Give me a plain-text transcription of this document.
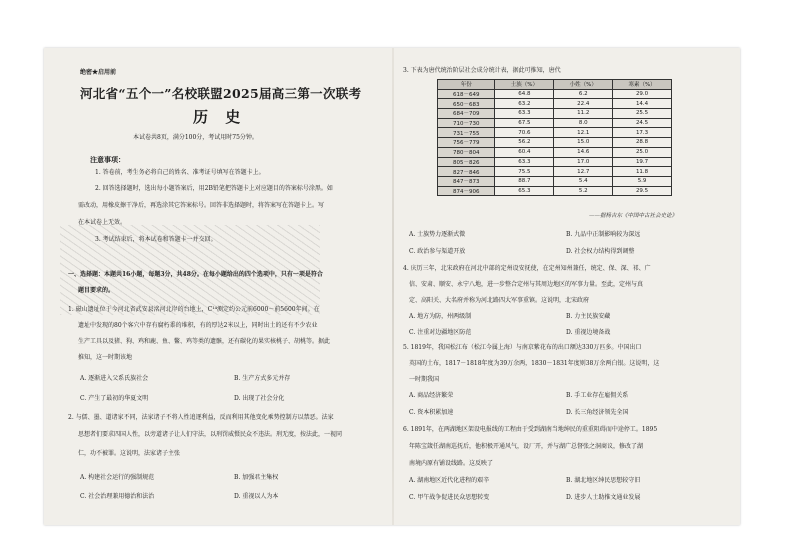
绝密★启用前
河北省“五个一”名校联盟2025届高三第一次联考
历 史
本试卷共8页，满分100分，考试用时75分钟。
注意事项：
1. 答卷前，考生务必将自己的姓名、准考证号填写在答题卡上。
2. 回答选择题时，选出每小题答案后，用2B铅笔把答题卡上对应题目的答案标号涂黑。如
需改动，用橡皮擦干净后，再选涂其它答案标号。回答非选择题时，将答案写在答题卡上。写
在本试卷上无效。
3. 考试结束后，将本试卷和答题卡一并交回。
一、选择题：本题共16小题，每题3分，共48分。在每小题给出的四个选项中，只有一项是符合
题目要求的。
1. 磁山遗址位于今河北省武安县洺河北岸的台地上，C¹⁴测定约公元前6000－前5600年间。在
遗址中发现的80个客穴中存有腐朽黍的堆积，有的厚达2米以上，同时出土的还有不少农业
生产工具以及猪、狗、鸡和鹿、鱼、鳖、鸡等类的遗骸，还有碳化的果实核桃子、胡桃等。据此
推知，这一时期该地
A. 逐渐进入父系氏族社会	B. 生产方式多元并存
C. 产生了最初的华夏文明	D. 出现了社会分化
2. 与儒、墨、道诸家不同，法家诸子不将人性追逐利益，反而利用其他变化乘势控制方以禁恶。法家
思想者们要求四国人性，以旁道诸子让人们守法，以刑罚威慑民众不违法。刑无度，按法此，一视同
仁，功不被罪。这说明，法家诸子主张
A. 构建社会运行的强制规范	B. 加强君主集权
C. 社会治理兼用德治和法治	D. 重视以人为本
3. 下表为唐代统治阶层社会成分统计表，据此可推知，唐代
年份	士族（%）	小姓（%）	寒素（%）
618－649	64.8	6.2	29.0
650－683	63.2	22.4	14.4
684－709	63.3	11.2	25.5
710－730	67.5	8.0	24.5
731－755	70.6	12.1	17.3
756－779	56.2	15.0	28.8
780－804	60.4	14.6	25.0
805－826	63.3	17.0	19.7
827－846	75.5	12.7	11.8
847－873	88.7	5.4	5.9
874－906	65.3	5.2	29.5
——据杨吉东《中国中古社会史论》
A. 士族势力逐渐式微	B. 九品中正制影响较为深远
C. 政治参与渠道开放	D. 社会权力结构得到调整
4. 庆历三年，北宋政府在河北中部的定州设安抚使，在定州知州兼任，统定、保、深、祁、广
信、安肃、顺安、永宁八地，进一步整合定州与其周边地区的军事力量。至此，定州与真
定、高阳关、大名府并称为河北路四大军事重镇。这说明，北宋政府
A. 地方为防，州两级制	B. 力主民族安藏
C. 注重对边疆地区防范	D. 重视边境备战
5. 1819年，我国松江布（松江今属上海）与南京紫花布的出口额达330万匹多。中国出口
英国的土布，1817－1818年度为39万余两，1830－1831年度则38万余两白银。这说明，这
一时期我国
A. 商品经济繁荣	B. 手工业存在雇佣关系
C. 资本积累加速	D. 长三角经济领先全国
6. 1891年，在两湖地区架设电报线的工程由于受到湖南当地绅民的重重阻碍而中途停工。1895
年陈宝箴任湖南巡抚后，他积极开通风气，设厂开，并与湖广总督张之洞商议，修改了湖
南境内原有铺设线路。这反映了
A. 湖南地区近代化进程的艰辛	B. 湖北地区绅民思想较守旧
C. 甲午战争促进民众思想转变	D. 进步人士助推文通业发展
